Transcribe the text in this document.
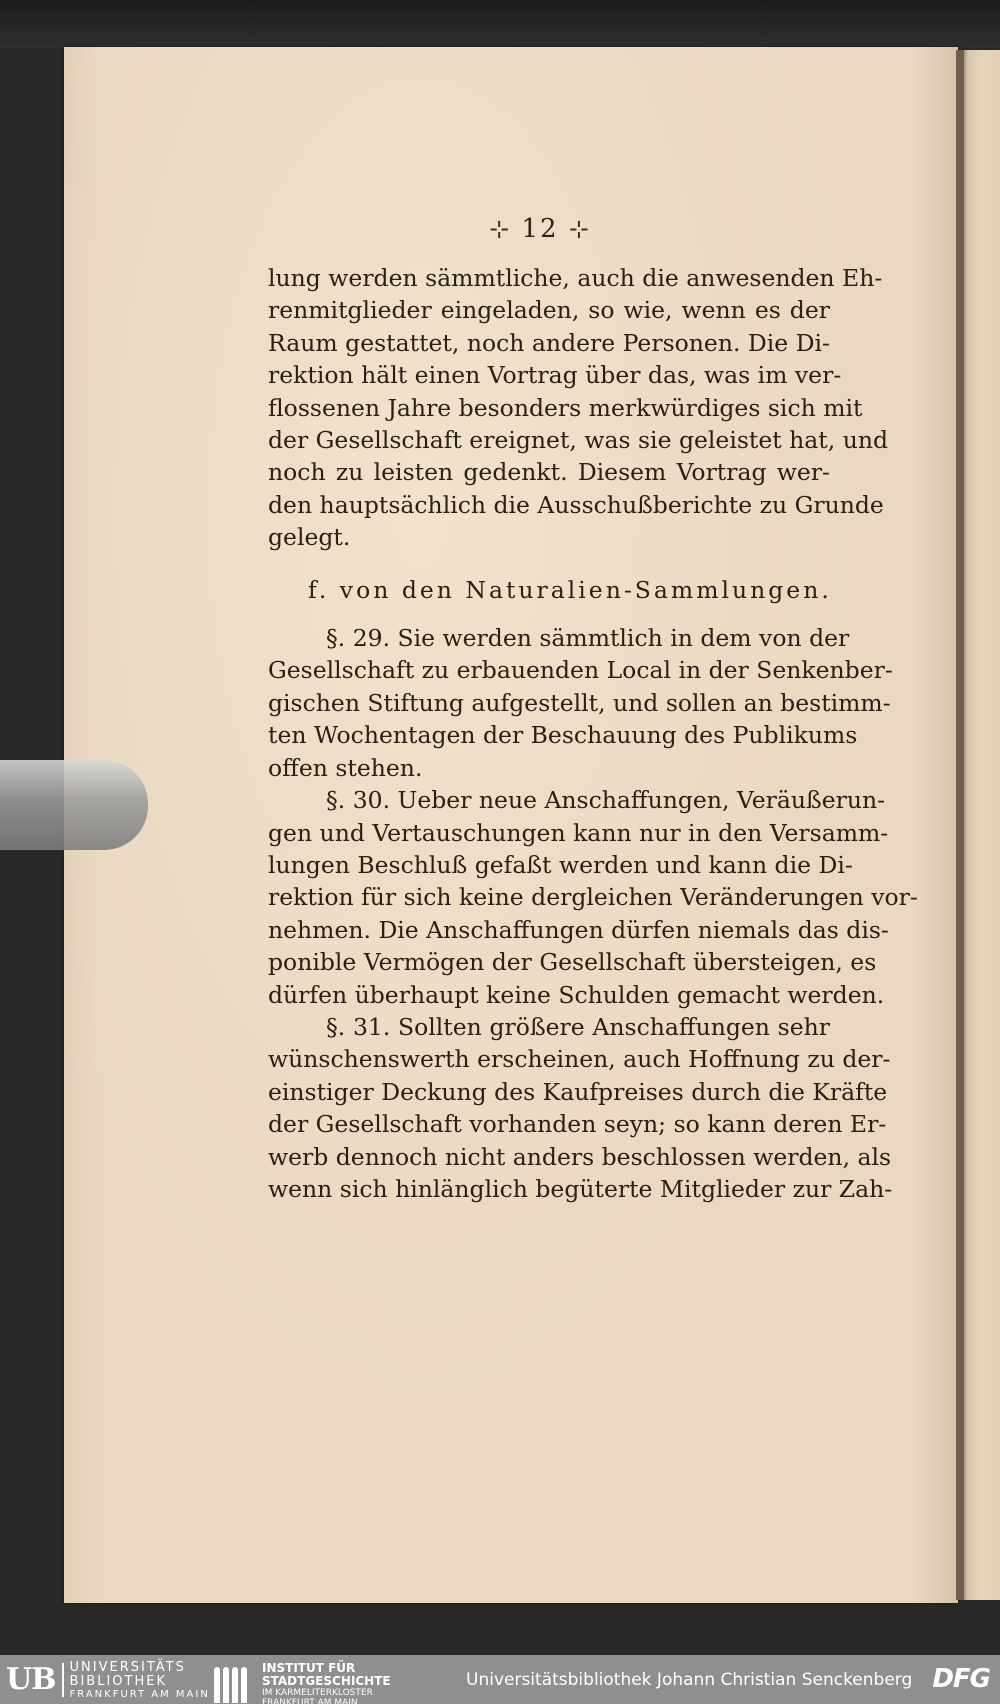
⊹ 12 ⊹
lung werden sämmtliche, auch die anwesenden Eh-
renmitglieder eingeladen, so wie, wenn es der
Raum gestattet, noch andere Personen. Die Di-
rektion hält einen Vortrag über das, was im ver-
flossenen Jahre besonders merkwürdiges sich mit
der Gesellschaft ereignet, was sie geleistet hat, und
noch zu leisten gedenkt. Diesem Vortrag wer-
den hauptsächlich die Ausschußberichte zu Grunde
gelegt.
f. von den Naturalien-Sammlungen.
§. 29. Sie werden sämmtlich in dem von der
Gesellschaft zu erbauenden Local in der Senkenber-
gischen Stiftung aufgestellt, und sollen an bestimm-
ten Wochentagen der Beschauung des Publikums
offen stehen.
§. 30. Ueber neue Anschaffungen, Veräußerun-
gen und Vertauschungen kann nur in den Versamm-
lungen Beschluß gefaßt werden und kann die Di-
rektion für sich keine dergleichen Veränderungen vor-
nehmen. Die Anschaffungen dürfen niemals das dis-
ponible Vermögen der Gesellschaft übersteigen, es
dürfen überhaupt keine Schulden gemacht werden.
§. 31. Sollten größere Anschaffungen sehr
wünschenswerth erscheinen, auch Hoffnung zu der-
einstiger Deckung des Kaufpreises durch die Kräfte
der Gesellschaft vorhanden seyn; so kann deren Er-
werb dennoch nicht anders beschlossen werden, als
wenn sich hinlänglich begüterte Mitglieder zur Zah-
UB UNIVERSITÄTS
BIBLIOTHEK
FRANKFURT AM MAIN
INSTITUT FÜR
STADTGESCHICHTE
IM KARMELITERKLOSTER
FRANKFURT AM MAIN
Universitätsbibliothek Johann Christian Senckenberg DFG
